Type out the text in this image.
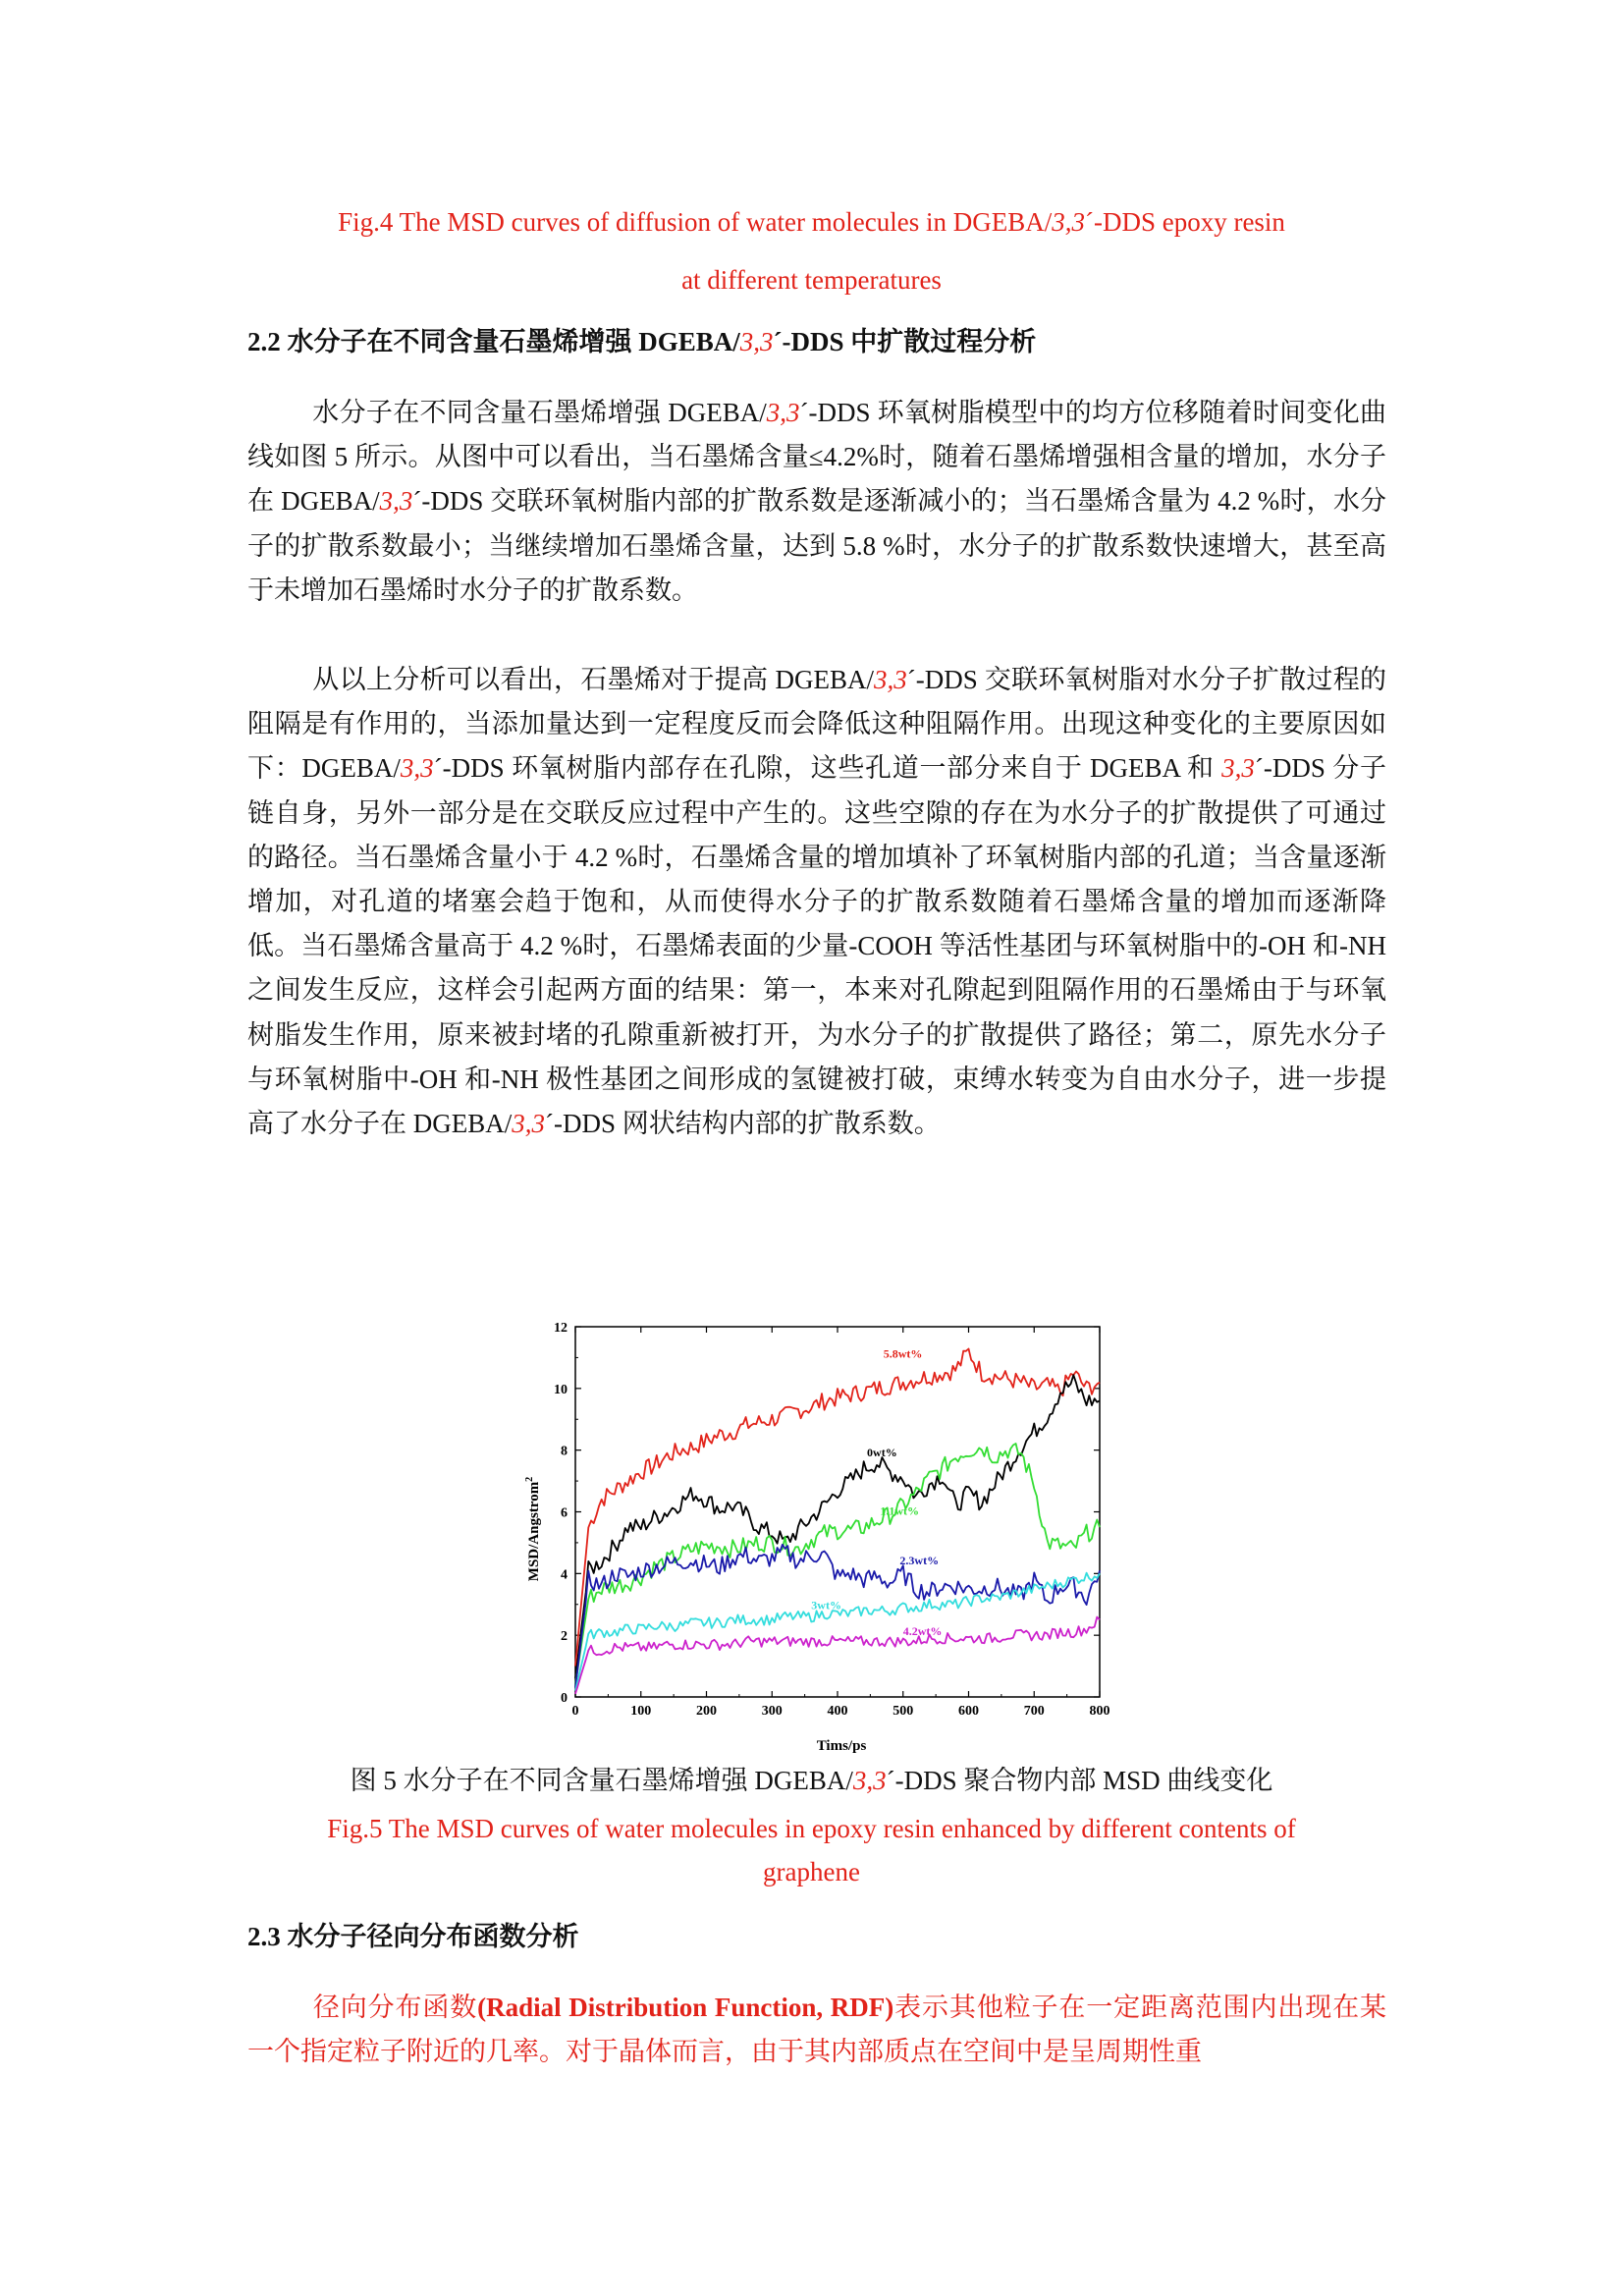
Fig.4 The MSD curves of diffusion of water molecules in DGEBA/3,3´-DDS epoxy resin
at different temperatures
2.2 水分子在不同含量石墨烯增强 DGEBA/3,3´-DDS 中扩散过程分析

水分子在不同含量石墨烯增强 DGEBA/3,3´-DDS 环氧树脂模型中的均方位移随着时间变化曲线如图 5 所示。从图中可以看出，当石墨烯含量≤4.2%时，随着石墨烯增强相含量的增加，水分子在 DGEBA/3,3´-DDS 交联环氧树脂内部的扩散系数是逐渐减小的；当石墨烯含量为 4.2 %时，水分子的扩散系数最小；当继续增加石墨烯含量，达到 5.8 %时，水分子的扩散系数快速增大，甚至高于未增加石墨烯时水分子的扩散系数。

从以上分析可以看出，石墨烯对于提高 DGEBA/3,3´-DDS 交联环氧树脂对水分子扩散过程的阻隔是有作用的，当添加量达到一定程度反而会降低这种阻隔作用。出现这种变化的主要原因如下：DGEBA/3,3´-DDS 环氧树脂内部存在孔隙，这些孔道一部分来自于 DGEBA 和 3,3´-DDS 分子链自身，另外一部分是在交联反应过程中产生的。这些空隙的存在为水分子的扩散提供了可通过的路径。当石墨烯含量小于 4.2 %时，石墨烯含量的增加填补了环氧树脂内部的孔道；当含量逐渐增加，对孔道的堵塞会趋于饱和，从而使得水分子的扩散系数随着石墨烯含量的增加而逐渐降低。当石墨烯含量高于 4.2 %时，石墨烯表面的少量-COOH 等活性基团与环氧树脂中的-OH 和-NH 之间发生反应，这样会引起两方面的结果：第一，本来对孔隙起到阻隔作用的石墨烯由于与环氧树脂发生作用，原来被封堵的孔隙重新被打开，为水分子的扩散提供了路径；第二，原先水分子与环氧树脂中-OH 和-NH 极性基团之间形成的氢键被打破，束缚水转变为自由水分子，进一步提高了水分子在 DGEBA/3,3´-DDS 网状结构内部的扩散系数。

0	100	200	300	400	500	600	700	800
0
2
4
6
8
10
12
5.8wt%
0wt%
1.1wt%
2.3wt%
3wt%
4.2wt%
Tims/ps
MSD/Angstrom$^2$
图 5 水分子在不同含量石墨烯增强 DGEBA/3,3´-DDS 聚合物内部 MSD 曲线变化
Fig.5 The MSD curves of water molecules in epoxy resin enhanced by different contents of
graphene
2.3 水分子径向分布函数分析

径向分布函数(Radial Distribution Function, RDF)表示其他粒子在一定距离范围内出现在某一个指定粒子附近的几率。对于晶体而言，由于其内部质点在空间中是呈周期性重
